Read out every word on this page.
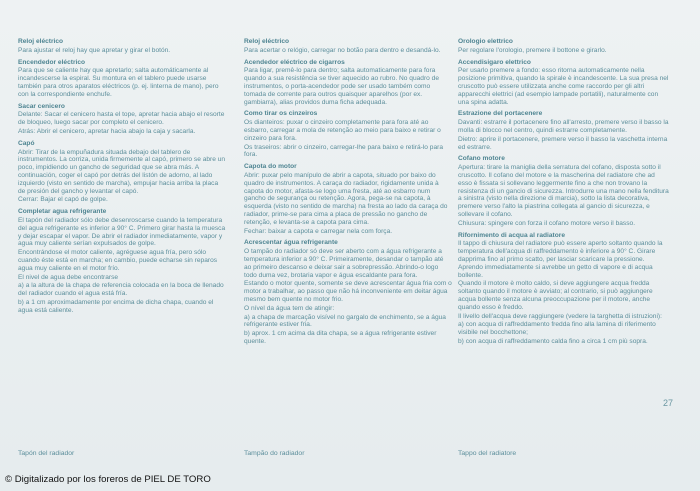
Reloj eléctrico
Para ajustar el reloj hay que apretar y girar el botón.
Encendedor eléctrico
Para que se caliente hay que apretarlo; salta automáticamente al incandescerse la espiral. Su montura en el tablero puede usarse también para otros aparatos eléctricos (p. ej. linterna de mano), pero con la correspondiente enchufe.
Sacar cenicero
Delante: Sacar el cenicero hasta el tope, apretar hacia abajo el resorte de bloqueo, luego sacar por completo el cenicero.
Atrás: Abrir el cenicero, apretar hacia abajo la caja y sacarla.
Capó
Abrir: Tirar de la empuñadura situada debajo del tablero de instrumentos. La corriza, unida firmemente al capó, primero se abre un poco, impidiendo un gancho de seguridad que se abra más. A continuación, coger el capó por detrás del listón de adorno, al lado izquierdo (visto en sentido de marcha), empujar hacia arriba la placa de presión del gancho y levantar el capó.
Cerrar: Bajar el capó de golpe.
Completar agua refrigerante
El tapón del radiador sólo debe desenroscarse cuando la temperatura del agua refrigerante es inferior a 90° C. Primero girar hasta la muesca y dejar escapar el vapor. De abrir el radiador inmediatamente, vapor y agua muy caliente serían expulsados de golpe.
Encontrándose el motor caliente, agréguese agua fría, pero sólo cuando éste está en marcha; en cambio, puede echarse sin reparos agua muy caliente en el motor frío.
El nivel de agua debe encontrarse
a) a la altura de la chapa de referencia colocada en la boca de llenado del radiador cuando el agua está fría.
b) a 1 cm aproximadamente por encima de dicha chapa, cuando el agua está caliente.
Reloj eléctrico
Para acertar o relógio, carregar no botão para dentro e desandá-lo.
Acendedor eléctrico de cigarros
Para ligar, premê-lo para dentro; salta automaticamente para fora quando a sua resistência se tiver aquecido ao rubro. No quadro de instrumentos, o porta-acendedor pode ser usado também como tomada de corrente para outros quaisquer aparelhos (por ex. gambiarra), alias providos duma ficha adequada.
Como tirar os cinzeiros
Os dianteiros: puxar o cinzeiro completamente para fora até ao esbarro, carregar a mola de retenção ao meio para baixo e retirar o cinzeiro para fora.
Os traseiros: abrir o cinzeiro, carregar-lhe para baixo e retirá-lo para fora.
Capota do motor
Abrir: puxar pelo manípulo de abrir a capota, situado por baixo do quadro de instrumentos. A caraça do radiador, rigidamente unida à capota do motor, afasta-se logo uma fresta, até ao esbarro num gancho de segurança ou retenção. Agora, pega-se na capota, à esquerda (visto no sentido de marcha) na fresta ao lado da caraça do radiador, prime-se para cima a placa de pressão no gancho de retenção, e levanta-se a capota para cima.
Fechar: baixar a capota e carregar nela com força.
Acrescentar água refrigerante
O tampão do radiador só deve ser aberto com a água refrigerante a temperatura inferior a 90° C. Primeiramente, desandar o tampão até ao primeiro descanso e deixar sair a sobrepressão. Abrindo-o logo todo duma vez, brotaria vapor e água escaldante para fora.
Estando o motor quente, somente se deve acrescentar água fria com o motor a trabalhar, ao passo que não há inconveniente em deitar água mesmo bem quente no motor frio.
O nível da água tem de atingir:
a) a chapa de marcação visível no gargalo de enchimento, se a água refrigerante estiver fria.
b) aprox. 1 cm acima da dita chapa, se a água refrigerante estiver quente.
Orologio elettrico
Per regolare l'orologio, premere il bottone e girarlo.
Accendisigaro elettrico
Per usarlo premere a fondo: esso ritorna automaticamente nella posizione primitiva, quando la spirale è incandescente. La sua presa nel cruscotto può essere utilizzata anche come raccordo per gli altri apparecchi elettrici (ad esempio lampade portatili), naturalmente con una spina adatta.
Estrazione del portacenere
Davanti: estrarre il portacenere fino all'arresto, premere verso il basso la molla di blocco nel centro, quindi estrarre completamente.
Dietro: aprire il portacenere, premere verso il basso la vaschetta interna ed estrarre.
Cofano motore
Apertura: tirare la maniglia della serratura del cofano, disposta sotto il cruscotto. Il cofano del motore e la mascherina del radiatore che ad esso è fissata si sollevano leggermente fino a che non trovano la resistenza di un gancio di sicurezza. Introdurre una mano nella fenditura a sinistra (visto nella direzione di marcia), sotto la lista decorativa, premere verso l'alto la piastrina collegata al gancio di sicurezza, e sollevare il cofano.
Chiusura: spingere con forza il cofano motore verso il basso.
Rifornimento di acqua al radiatore
Il tappo di chiusura del radiatore può essere aperto soltanto quando la temperatura dell'acqua di raffreddamento è inferiore a 90° C. Girare dapprima fino al primo scatto, per lasciar scaricare la pressione. Aprendo immediatamente si avrebbe un getto di vapore e di acqua bollente.
Quando il motore è molto caldo, si deve aggiungere acqua fredda soltanto quando il motore è avviato; al contrario, si può aggiungere acqua bollente senza alcuna preoccupazione per il motore, anche quando esso è freddo.
Il livello dell'acqua deve raggiungere (vedere la targhetta di istruzioni):
a) con acqua di raffreddamento fredda fino alla lamina di riferimento visibile nel bocchettone;
b) con acqua di raffreddamento calda fino a circa 1 cm più sopra.
Tapón del radiador	Tampão do radiador	Tappo del radiatore
27
© Digitalizado por los foreros de PIEL DE TORO
